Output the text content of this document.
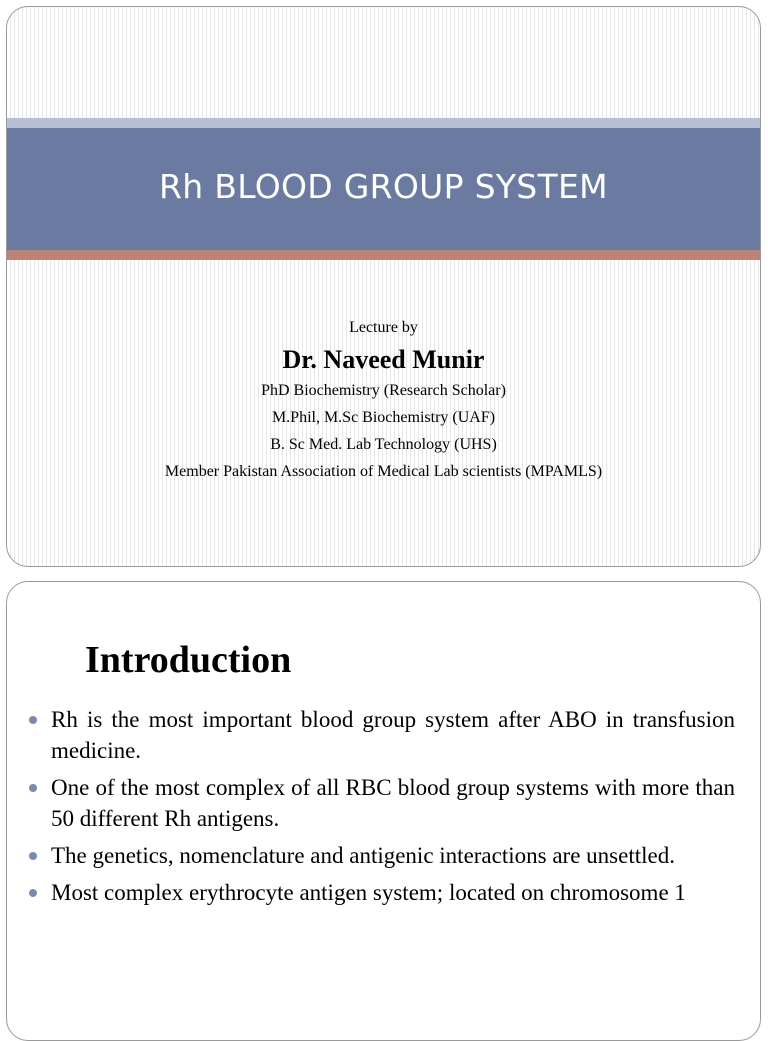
Rh BLOOD GROUP SYSTEM
Lecture by
Dr. Naveed Munir
PhD Biochemistry (Research Scholar)
M.Phil, M.Sc Biochemistry (UAF)
B. Sc Med. Lab Technology (UHS)
Member Pakistan Association of Medical Lab scientists (MPAMLS)
Introduction
Rh is the most important blood group system after ABO in transfusion medicine.
One of the most complex of all RBC blood group systems with more than 50 different Rh antigens.
The genetics, nomenclature and antigenic interactions are unsettled.
Most complex erythrocyte antigen system; located on chromosome 1
